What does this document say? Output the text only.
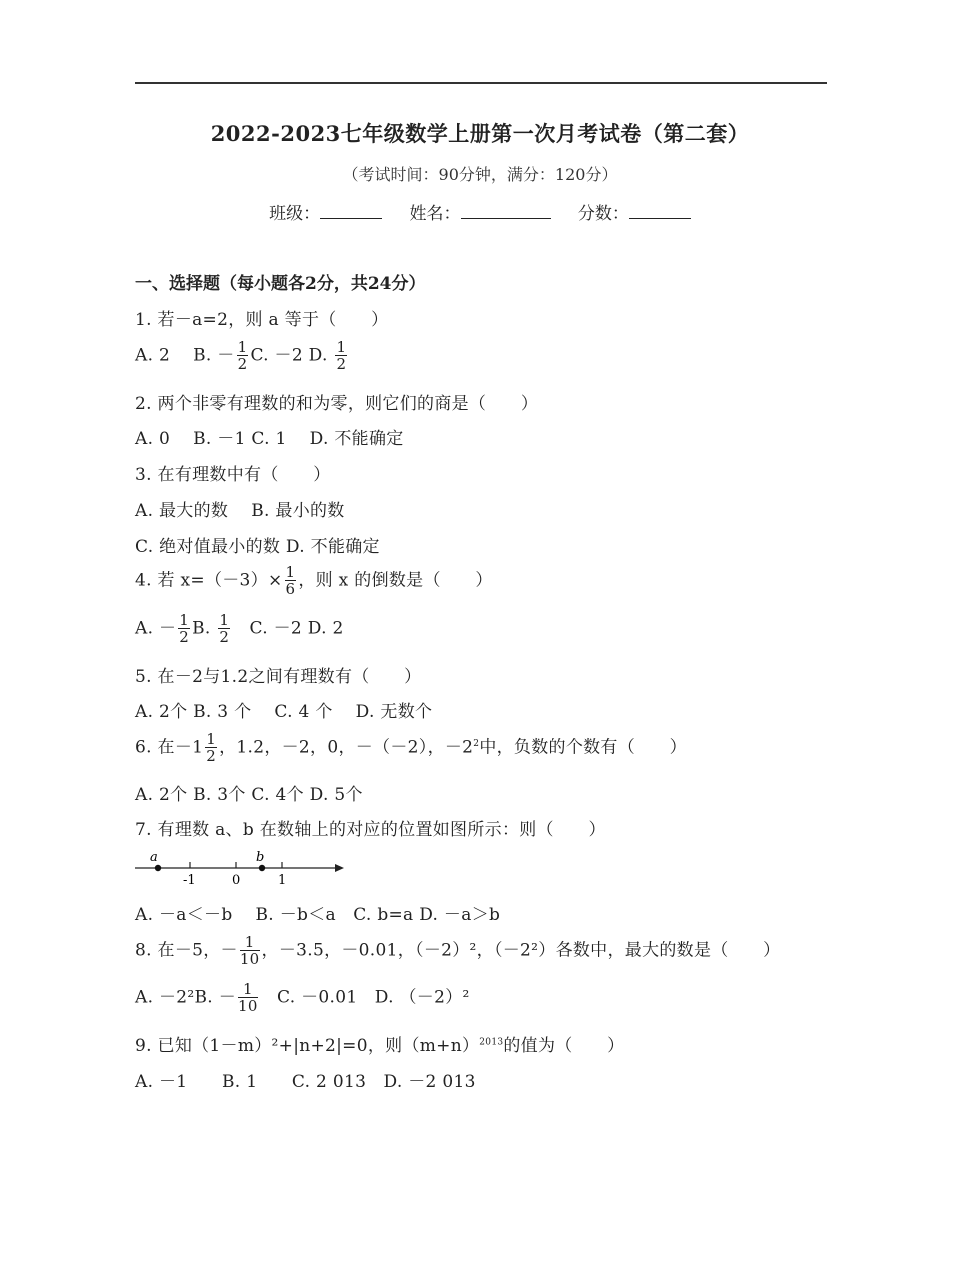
2022-2023七年级数学上册第一次月考试卷（第二套）
（考试时间：90分钟，满分：120分）
班级：	姓名：	分数：
一、选择题（每小题各2分，共24分）
1. 若－a=2，则 a 等于（　　）
A. 2　 B. － $\frac{1}{2} C$. －2 D. $\frac{1}{2}$
2. 两个非零有理数的和为零，则它们的商是（　　）
A. 0　 B. －1 C. 1　 D. 不能确定
3. 在有理数中有（　　）
A. 最大的数　 B. 最小的数
C. 绝对值最小的数 D. 不能确定
4. 若 $x=(-3)\times \frac{1}{6}$ ，则 x 的倒数是（　　）
A. － $\frac{1}{2} B$. $\frac{1}{2}$
　 C. －2 D. 2
5. 在－2与1.2之间有理数有（　　）
A. 2个 B. 3 个　 C. 4 个　 D. 无数个
6. 在$-1 \frac{1}{2}$ ，1.2，－2，0，－（－2），$-2^2$中，负数的个数有（　　）
A. 2个 B. 3个 C. 4个 D. 5个
7. 有理数 a、b 在数轴上的对应的位置如图所示：则（　　）
a	b
-1	0	1
A. －a＜－b　 B. －b＜a　C. b=a D. －a＞b
8. 在－5，－ $\frac{1}{10}$ ，－3.5，－0.01，（－2）²，（－2²）各数中，最大的数是（　　）
A. －2²B. － $\frac{1}{10}$
　 C. －0.01　D. （－2）²
9. 已知（1－m）²+|n+2|=0，则$(m+n)^{2013}$的值为（　　）
A. －1　　B. 1　　C. 2 013　D. －2 013
